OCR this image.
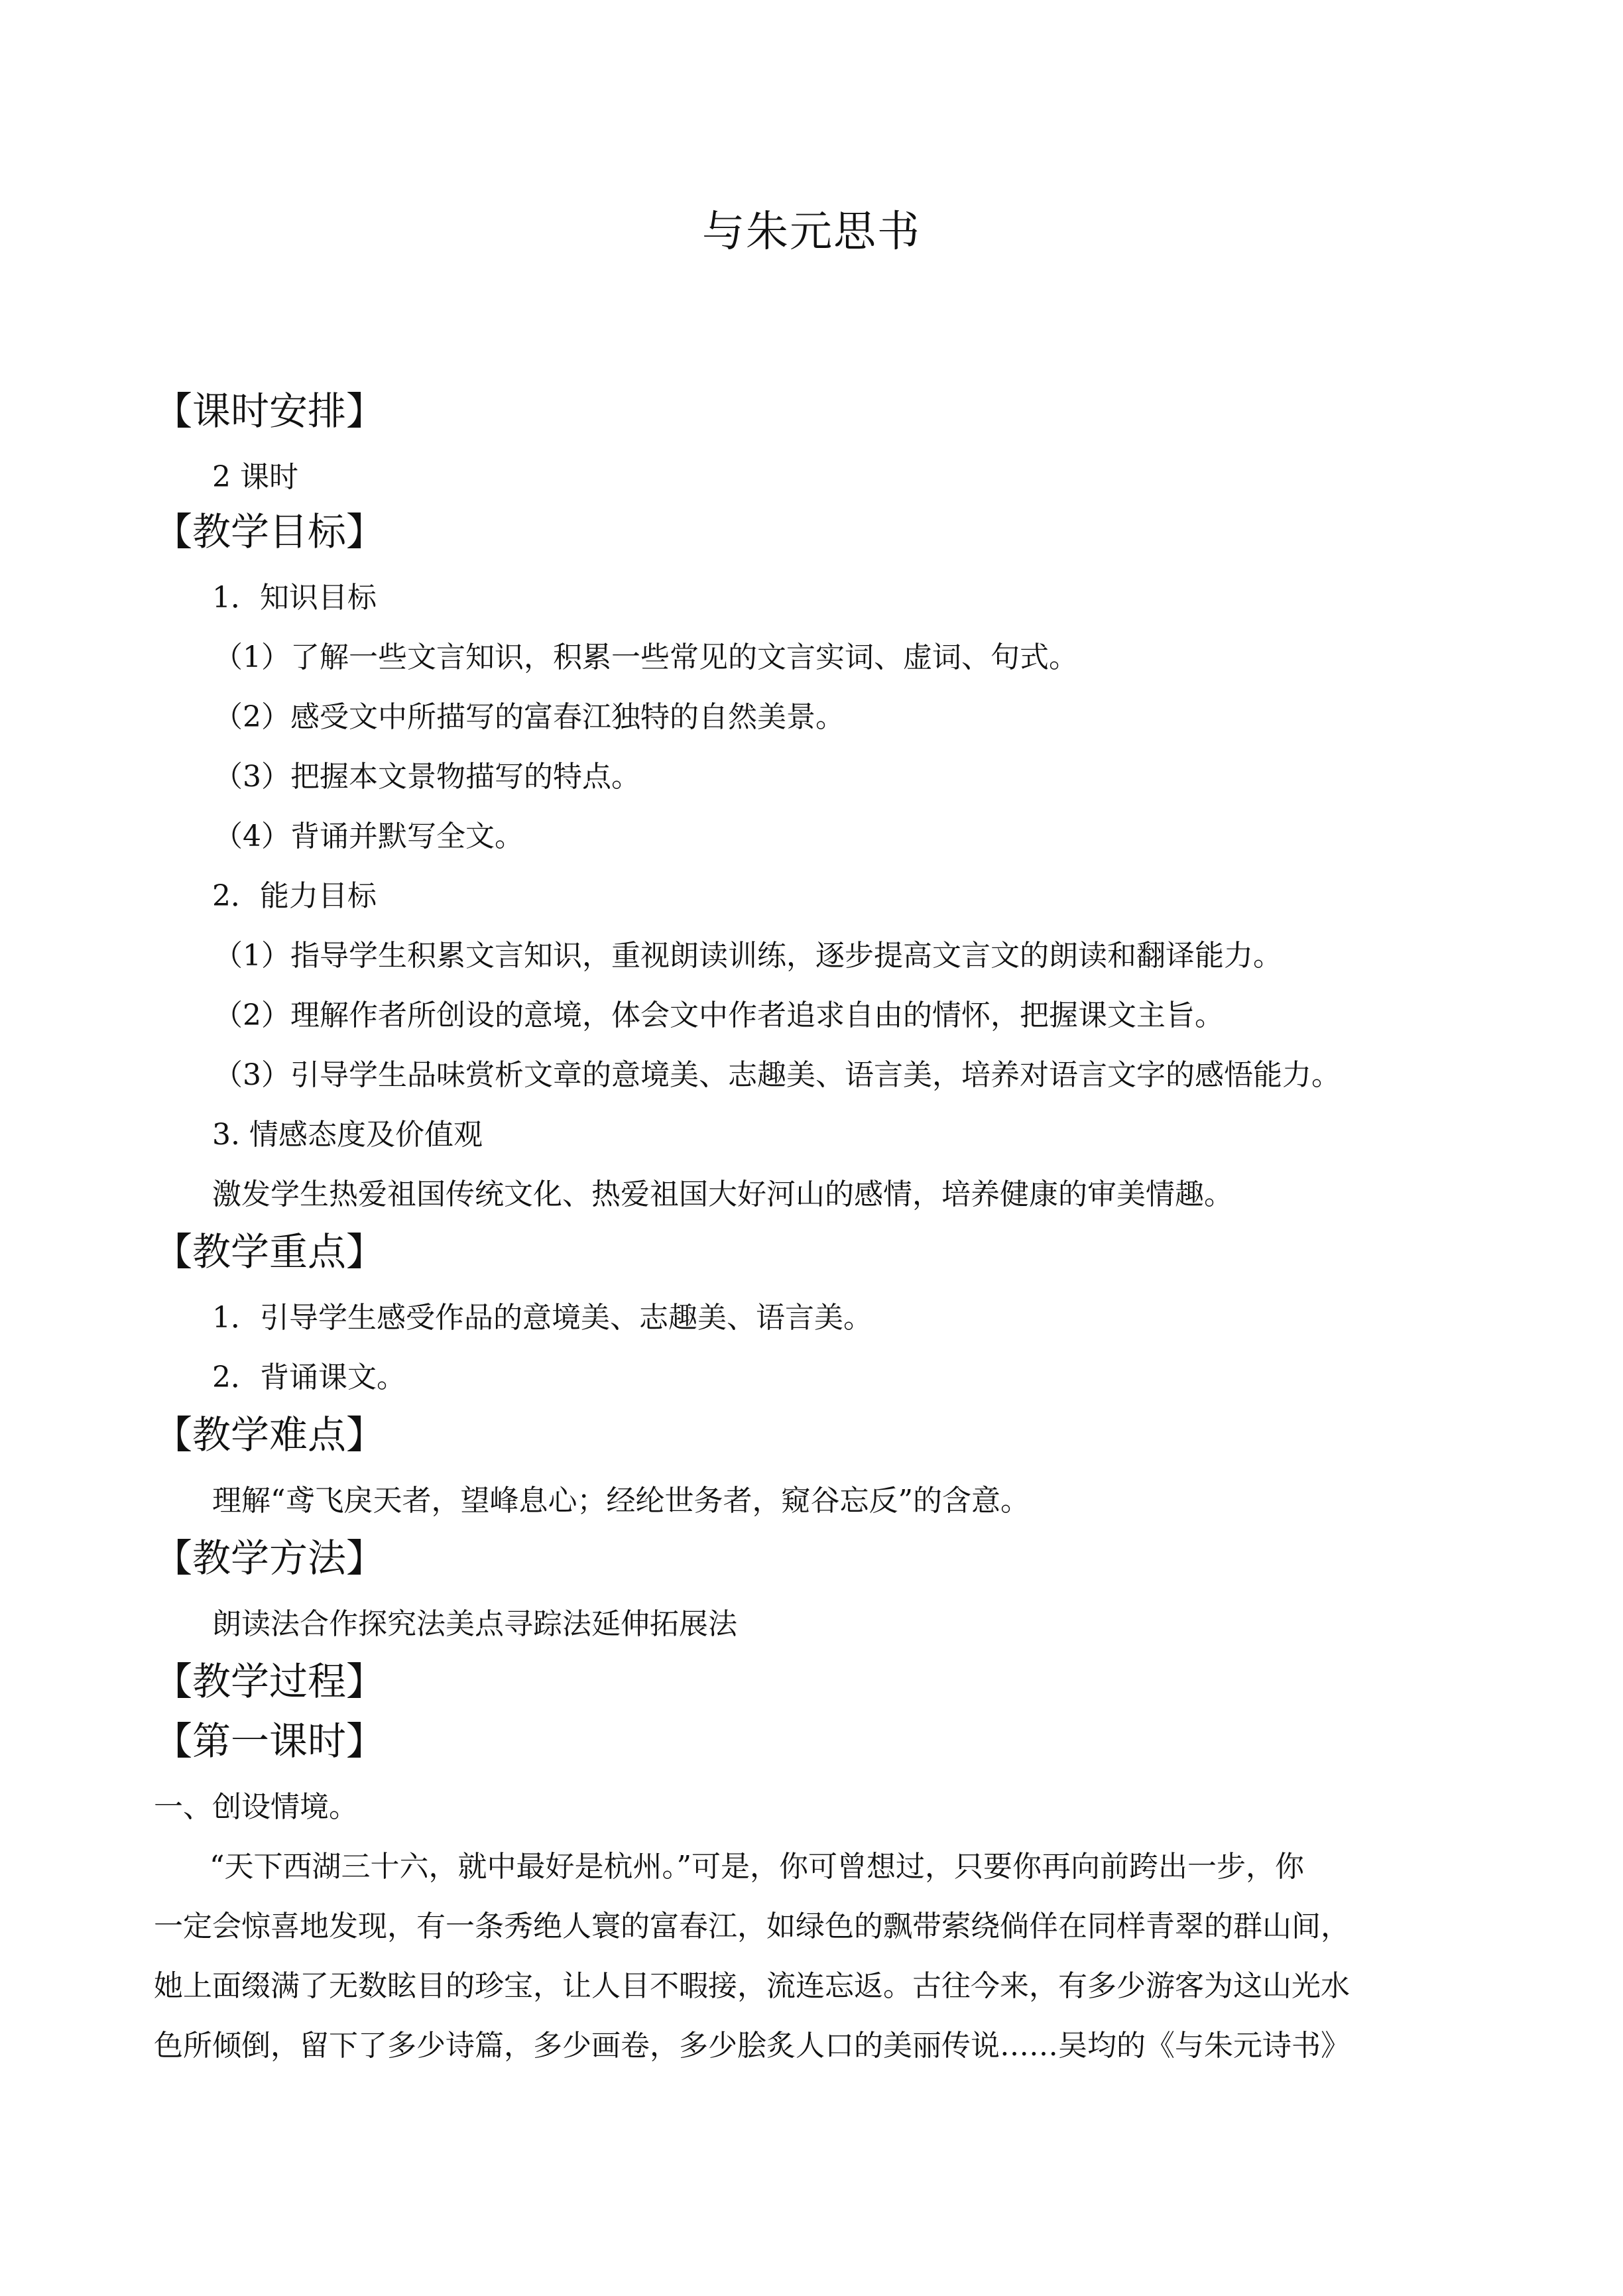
与朱元思书
【课时安排】
2 课时
【教学目标】
1．知识目标
（1）了解一些文言知识，积累一些常见的文言实词、虚词、句式。
（2）感受文中所描写的富春江独特的自然美景。
（3）把握本文景物描写的特点。
（4）背诵并默写全文。
2．能力目标
（1）指导学生积累文言知识，重视朗读训练，逐步提高文言文的朗读和翻译能力。
（2）理解作者所创设的意境，体会文中作者追求自由的情怀，把握课文主旨。
（3）引导学生品味赏析文章的意境美、志趣美、语言美，培养对语言文字的感悟能力。
3. 情感态度及价值观
激发学生热爱祖国传统文化、热爱祖国大好河山的感情，培养健康的审美情趣。
【教学重点】
1．引导学生感受作品的意境美、志趣美、语言美。
2．背诵课文。
【教学难点】
理解“鸢飞戾天者，望峰息心；经纶世务者，窥谷忘反”的含意。
【教学方法】
朗读法合作探究法美点寻踪法延伸拓展法
【教学过程】
【第一课时】
一、创设情境。
“天下西湖三十六，就中最好是杭州。”可是，你可曾想过，只要你再向前跨出一步，你
一定会惊喜地发现，有一条秀绝人寰的富春江，如绿色的飘带萦绕倘佯在同样青翠的群山间，
她上面缀满了无数眩目的珍宝，让人目不暇接，流连忘返。古往今来，有多少游客为这山光水
色所倾倒，留下了多少诗篇，多少画卷，多少脍炙人口的美丽传说……吴均的《与朱元诗书》
